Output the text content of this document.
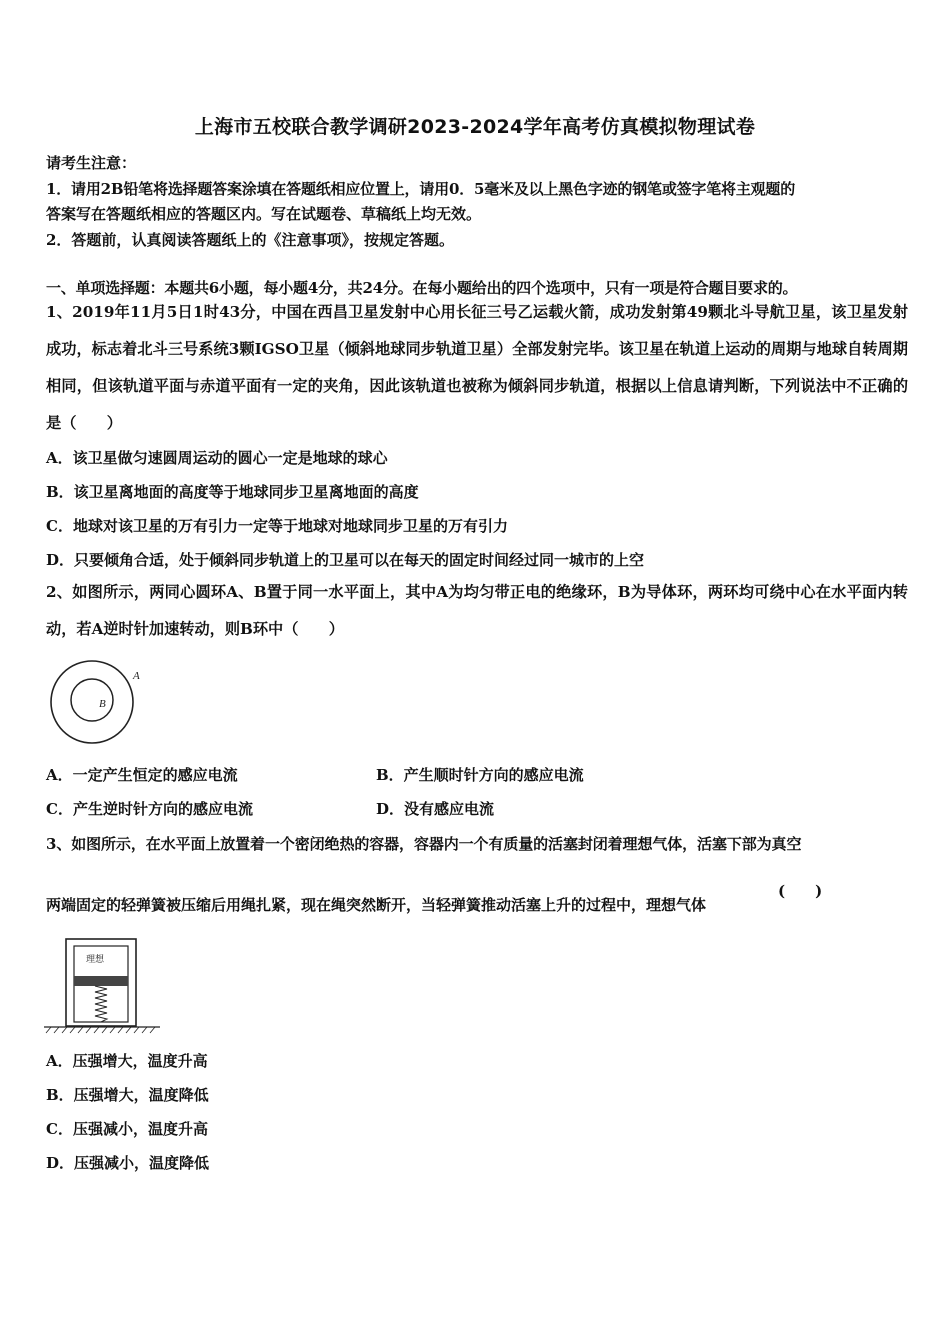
上海市五校联合教学调研2023-2024学年高考仿真模拟物理试卷
请考生注意：
1．请用2B铅笔将选择题答案涂填在答题纸相应位置上，请用0．5毫米及以上黑色字迹的钢笔或签字笔将主观题的
答案写在答题纸相应的答题区内。写在试题卷、草稿纸上均无效。
2．答题前，认真阅读答题纸上的《注意事项》，按规定答题。
一、单项选择题：本题共6小题，每小题4分，共24分。在每小题给出的四个选项中，只有一项是符合题目要求的。
1、2019年11月5日1时43分，中国在西昌卫星发射中心用长征三号乙运载火箭，成功发射第49颗北斗导航卫星，该卫星发射成功，标志着北斗三号系统3颗IGSO卫星（倾斜地球同步轨道卫星）全部发射完毕。该卫星在轨道上运动的周期与地球自转周期相同，但该轨道平面与赤道平面有一定的夹角，因此该轨道也被称为倾斜同步轨道，根据以上信息请判断，下列说法中不正确的是（　　）
A．该卫星做匀速圆周运动的圆心一定是地球的球心
B．该卫星离地面的高度等于地球同步卫星离地面的高度
C．地球对该卫星的万有引力一定等于地球对地球同步卫星的万有引力
D．只要倾角合适，处于倾斜同步轨道上的卫星可以在每天的固定时间经过同一城市的上空
2、如图所示，两同心圆环A、B置于同一水平面上，其中A为均匀带正电的绝缘环，B为导体环，两环均可绕中心在水平面内转动，若A逆时针加速转动，则B环中（　　）
A
B
A．一定产生恒定的感应电流	B．产生顺时针方向的感应电流
C．产生逆时针方向的感应电流	D．没有感应电流
3、如图所示，在水平面上放置着一个密闭绝热的容器，容器内一个有质量的活塞封闭着理想气体，活塞下部为真空
两端固定的轻弹簧被压缩后用绳扎紧，现在绳突然断开，当轻弹簧推动活塞上升的过程中，理想气体
(　　)
理想
A．压强增大，温度升高
B．压强增大，温度降低
C．压强减小，温度升高
D．压强减小，温度降低
